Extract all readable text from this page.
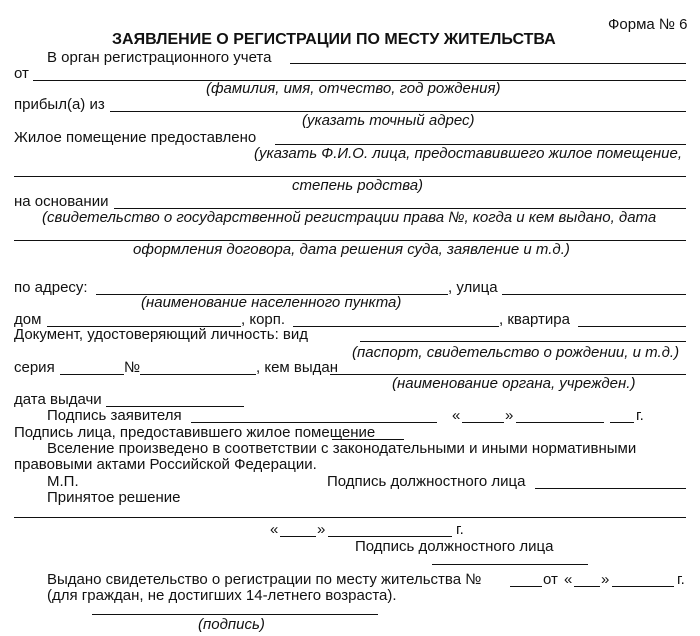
Форма № 6
ЗАЯВЛЕНИЕ О РЕГИСТРАЦИИ ПО МЕСТУ ЖИТЕЛЬСТВА
В орган регистрационного учета
от
(фамилия, имя, отчество, год рождения)
прибыл(а) из
(указать точный адрес)
Жилое помещение предоставлено
(указать Ф.И.О. лица, предоставившего жилое помещение,
степень родства)
на основании
(свидетельство о государственной регистрации права №, когда и кем выдано, дата
оформления договора, дата решения суда, заявление и т.д.)
по адресу:	, улица
(наименование населенного пункта)
дом	, корп.	, квартира
Документ, удостоверяющий личность: вид
(паспорт, свидетельство о рождении, и т.д.)
серия	№	, кем выдан
(наименование органа, учрежден.)
дата выдачи
Подпись заявителя	«	»	г.
Подпись лица, предоставившего жилое помещение
Вселение произведено в соответствии с законодательными и иными нормативными
правовыми актами Российской Федерации.
М.П.	Подпись должностного лица
Принятое решение
«	»	г.
Подпись должностного лица
Выдано свидетельство о регистрации по месту жительства №	от « »	г.
(для граждан, не достигших 14-летнего возраста).
(подпись)
